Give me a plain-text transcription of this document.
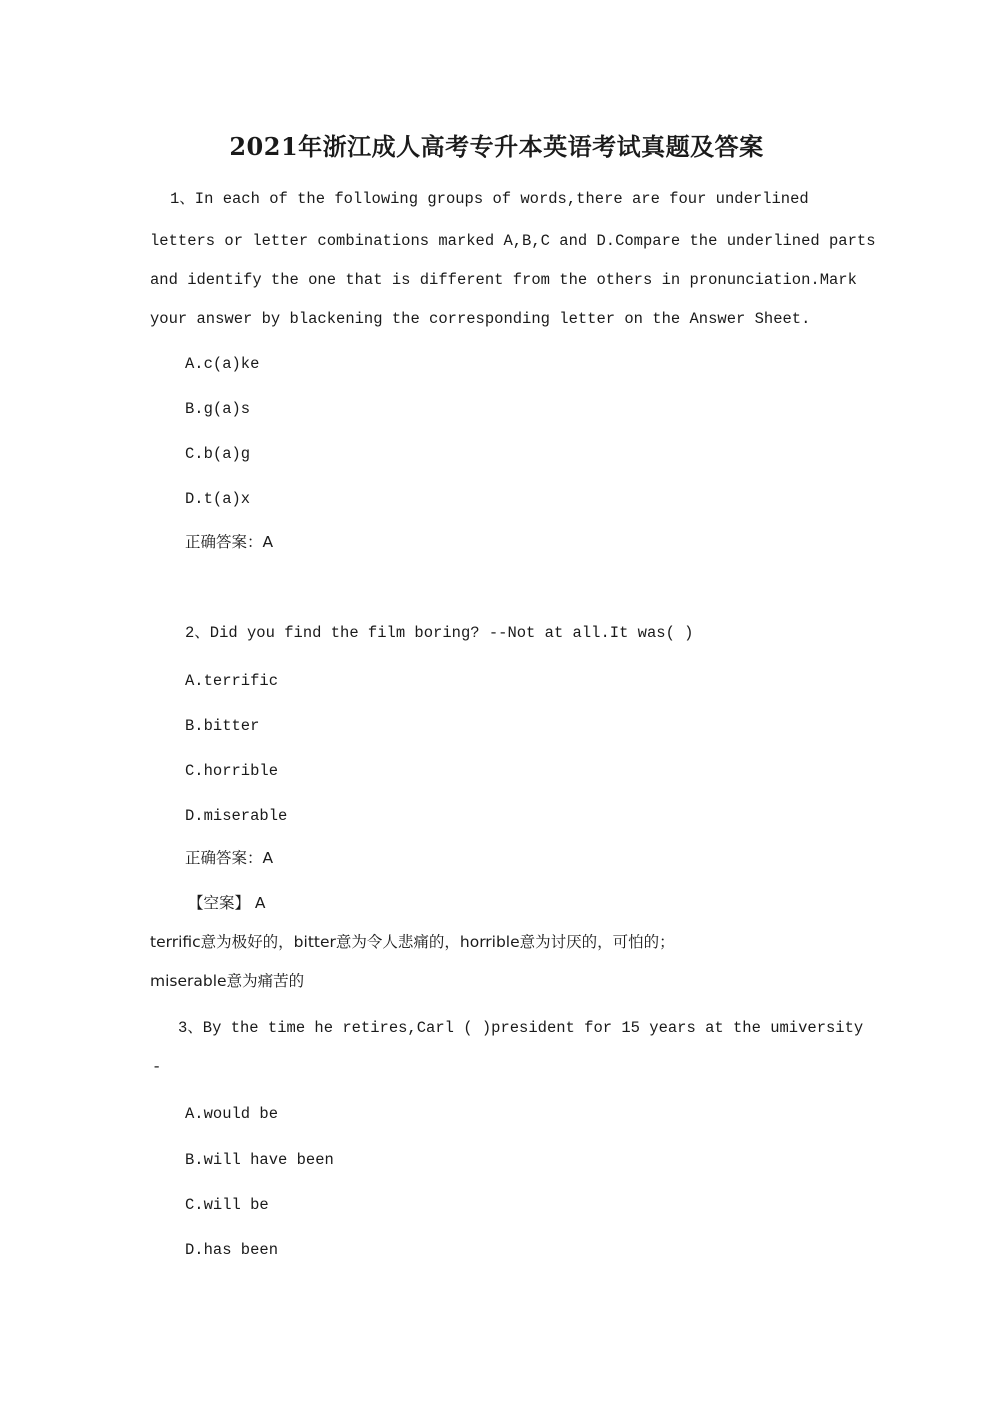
2021年浙江成人高考专升本英语考试真题及答案
1、In each of the following groups of words,there are four underlined
letters or letter combinations marked A,B,C and D.Compare the underlined parts
and identify the one that is different from the others in pronunciation.Mark
your answer by blackening the corresponding letter on the Answer Sheet.
A.c(a)ke
B.g(a)s
C.b(a)g
D.t(a)x
正确答案：A
2、Did you find the film boring? --Not at all.It was( )
A.terrific
B.bitter
C.horrible
D.miserable
正确答案：A
【空案】 A
terrific意为极好的，bitter意为令人悲痛的，horrible意为讨厌的，可怕的；
miserable意为痛苦的
3、By the time he retires,Carl ( )president for 15 years at the umiversity
-
A.would be
B.will have been
C.will be
D.has been
